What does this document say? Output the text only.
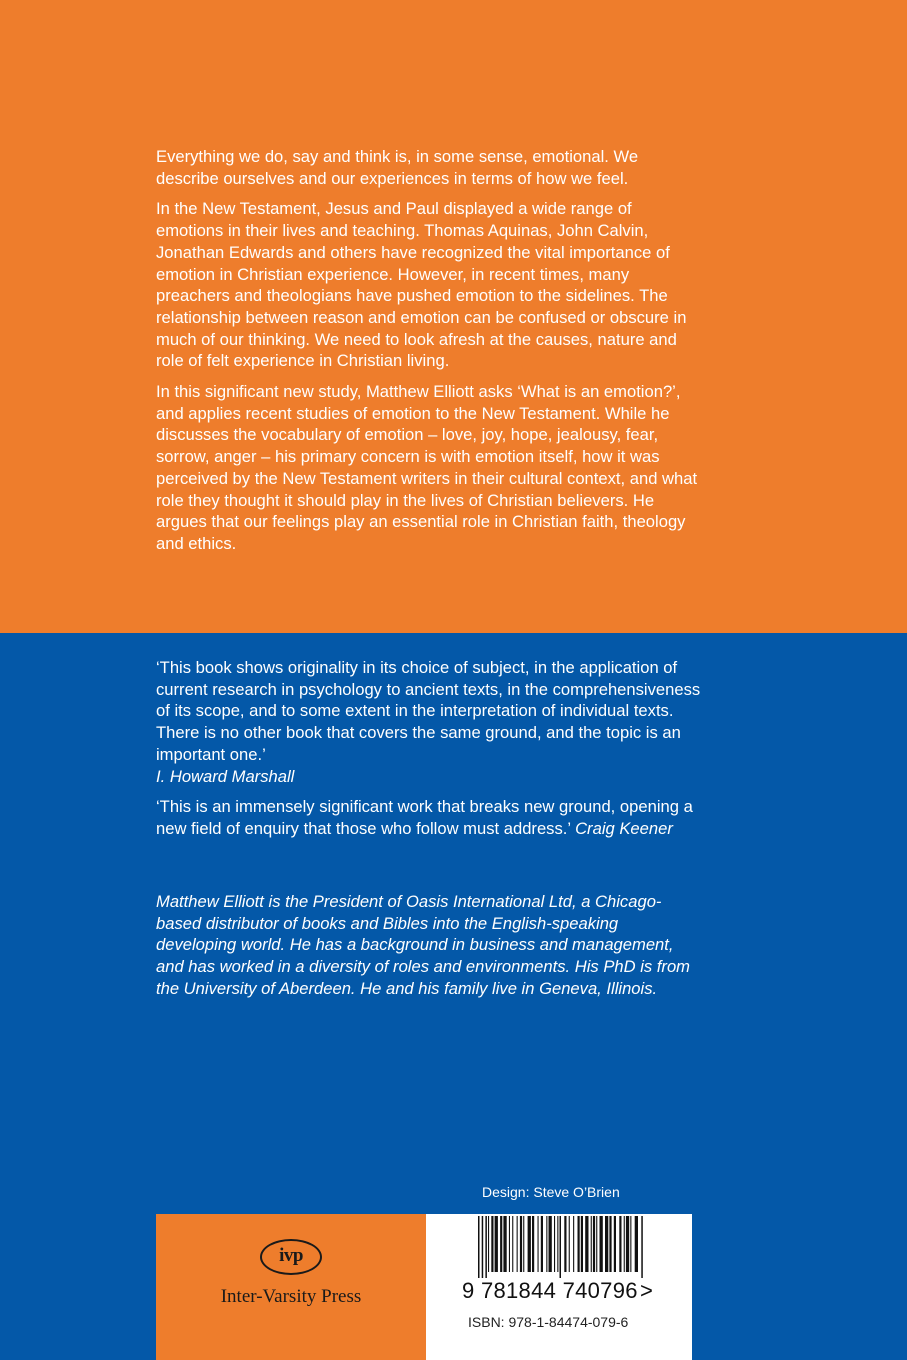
Everything we do, say and think is, in some sense, emotional. We describe ourselves and our experiences in terms of how we feel.

In the New Testament, Jesus and Paul displayed a wide range of emotions in their lives and teaching. Thomas Aquinas, John Calvin, Jonathan Edwards and others have recognized the vital importance of emotion in Christian experience. However, in recent times, many preachers and theologians have pushed emotion to the sidelines. The relationship between reason and emotion can be confused or obscure in much of our thinking. We need to look afresh at the causes, nature and role of felt experience in Christian living.

In this significant new study, Matthew Elliott asks ‘What is an emotion?’, and applies recent studies of emotion to the New Testament. While he discusses the vocabulary of emotion – love, joy, hope, jealousy, fear, sorrow, anger – his primary concern is with emotion itself, how it was perceived by the New Testament writers in their cultural context, and what role they thought it should play in the lives of Christian believers. He argues that our feelings play an essential role in Christian faith, theology and ethics.

‘This book shows originality in its choice of subject, in the application of current research in psychology to ancient texts, in the comprehensiveness of its scope, and to some extent in the interpretation of individual texts. There is no other book that covers the same ground, and the topic is an important one.’
I. Howard Marshall

‘This is an immensely significant work that breaks new ground, opening a new field of enquiry that those who follow must address.’ Craig Keener

Matthew Elliott is the President of Oasis International Ltd, a Chicago-based distributor of books and Bibles into the English-speaking developing world. He has a background in business and management, and has worked in a diversity of roles and environments. His PhD is from the University of Aberdeen. He and his family live in Geneva, Illinois.
Design: Steve O’Brien
ivp
Inter-Varsity Press	9 781844 740796 >
ISBN: 978-1-84474-079-6
